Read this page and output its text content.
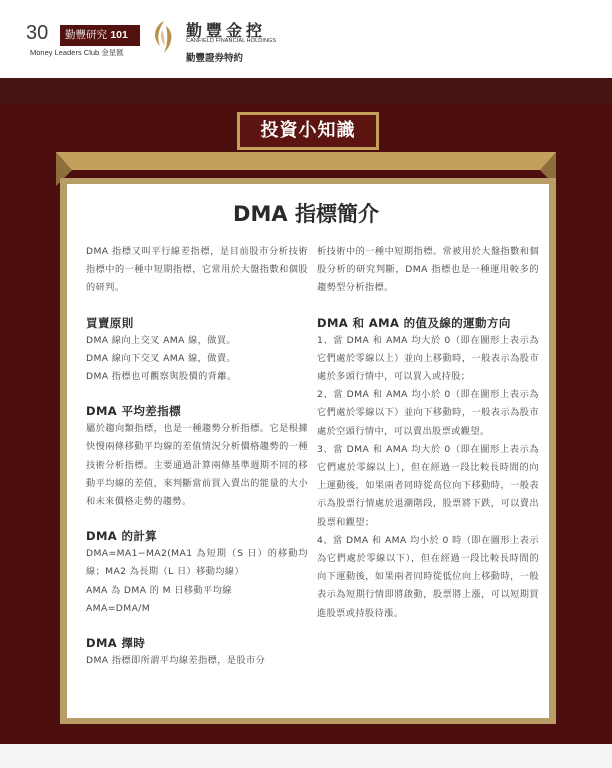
30	勤豐研究 101
Money Leaders Club 金星匯
勤豐金控
CANFIELD FINANCIAL HOLDINGS
勤豐證券特約
投資小知識
DMA 指標簡介

DMA 指標又叫平行線差指標，是目前股市分析技術指標中的一種中短期指標，它常用於大盤指數和個股的研判。

買賣原則

DMA 線向上交叉 AMA 線，做買。

DMA 線向下交叉 AMA 線，做賣。

DMA 指標也可觀察與股價的背離。

DMA 平均差指標

屬於趨向類指標，也是一種趨勢分析指標。它是根據快慢兩條移動平均線的差值情況分析價格趨勢的一種技術分析指標。主要通過計算兩條基準週期不同的移動平均線的差值，來判斷當前買入賣出的能量的大小和未來價格走勢的趨勢。

DMA 的計算

DMA=MA1−MA2(MA1 為短期（S 日）的移動均線；MA2 為長期（L 日）移動均線）

AMA 為 DMA 的 M 日移動平均線

AMA=DMA/M

DMA 擇時

DMA 指標即所謂平均線差指標，是股市分

析技術中的一種中短期指標。常被用於大盤指數和個股分析的研究判斷，DMA 指標也是一種運用較多的趨勢型分析指標。

DMA 和 AMA 的值及線的運動方向

1、當 DMA 和 AMA 均大於 0（即在圖形上表示為它們處於零線以上）並向上移動時，一般表示為股市處於多頭行情中，可以買入或持股；

2、當 DMA 和 AMA 均小於 0（即在圖形上表示為它們處於零線以下）並向下移動時，一般表示為股市處於空頭行情中，可以賣出股票或觀望。

3、當 DMA 和 AMA 均大於 0（即在圖形上表示為它們處於零線以上），但在經過一段比較長時間的向上運動後，如果兩者同時從高位向下移動時，一般表示為股票行情處於退潮階段，股票將下跌，可以賣出股票和觀望；

4、當 DMA 和 AMA 均小於 0 時（即在圖形上表示為它們處於零線以下），但在經過一段比較長時間的向下運動後，如果兩者同時從低位向上移動時，一般表示為短期行情即將啟動，股票將上漲，可以短期買進股票或持股待漲。
